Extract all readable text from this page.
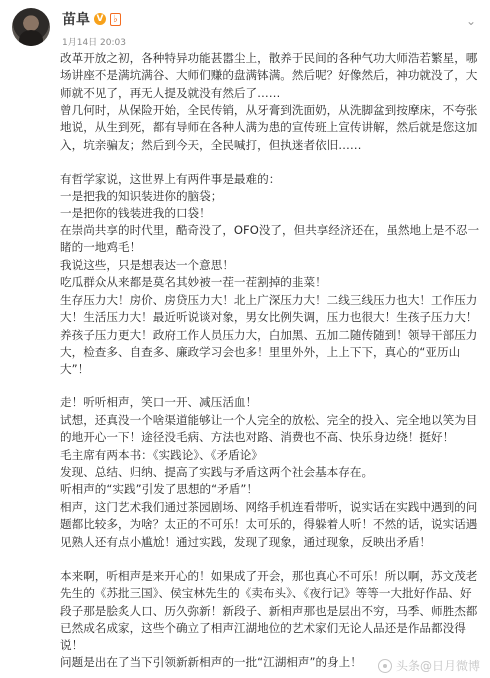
苗阜 V ♭
1月14日 20:03
⌄
改革开放之初，各种特异功能甚嚣尘上，散养于民间的各种气功大师浩若繁星，哪场讲座不是满坑满谷、大师们赚的盘满钵满。然后呢？好像然后，神功就没了，大师就不见了，再无人提及就没有然后了……
曾几何时，从保险开始，全民传销，从牙膏到洗面奶，从洗脚盆到按摩床，不夸张地说，从生到死，都有导师在各种人满为患的宣传班上宣传讲解，然后就是您这加入，坑亲骗友；然后到今天，全民喊打，但执迷者依旧……
有哲学家说，这世界上有两件事是最难的：
一是把我的知识装进你的脑袋；
一是把你的钱装进我的口袋！
在崇尚共享的时代里，酷奇没了，OFO没了，但共享经济还在，虽然地上是不忍一睹的一地鸡毛！
我说这些，只是想表达一个意思！
吃瓜群众从来都是莫名其妙被一茬一茬割掉的韭菜！
生存压力大！房价、房贷压力大！北上广深压力大！二线三线压力也大！工作压力大！生活压力大！最近听说谈对象，男女比例失调，压力也很大！生孩子压力大！养孩子压力更大！政府工作人员压力大，白加黑、五加二随传随到！领导干部压力大，检查多、自查多、廉政学习会也多！里里外外，上上下下，真心的“亚历山大”！
走！听听相声，笑口一开、减压活血！
试想，还真没一个啥渠道能够让一个人完全的放松、完全的投入、完全地以笑为目的地开心一下！途径没毛病、方法也对路、消费也不高、快乐身边绕！挺好！
毛主席有两本书：《实践论》、《矛盾论》
发现、总结、归纳、提高了实践与矛盾这两个社会基本存在。
听相声的“实践”引发了思想的“矛盾”！
相声，这门艺术我们通过茶园剧场、网络手机连看带听，说实话在实践中遇到的问题都比较多，为啥？太正的不可乐！太可乐的，得躲着人听！不然的话，说实话遇见熟人还有点小尴尬！通过实践，发现了现象，通过现象，反映出矛盾！
本来啊，听相声是来开心的！如果成了开会，那也真心不可乐！所以啊，苏文茂老先生的《苏批三国》、侯宝林先生的《卖布头》、《夜行记》等等一大批好作品、好段子那是脍炙人口、历久弥新！新段子、新相声那也是层出不穷，马季、师胜杰都已然成名成家，这些个确立了相声江湖地位的艺术家们无论人品还是作品都没得说！
问题是出在了当下引领新新相声的一批“江湖相声”的身上！	头条@日月微博
